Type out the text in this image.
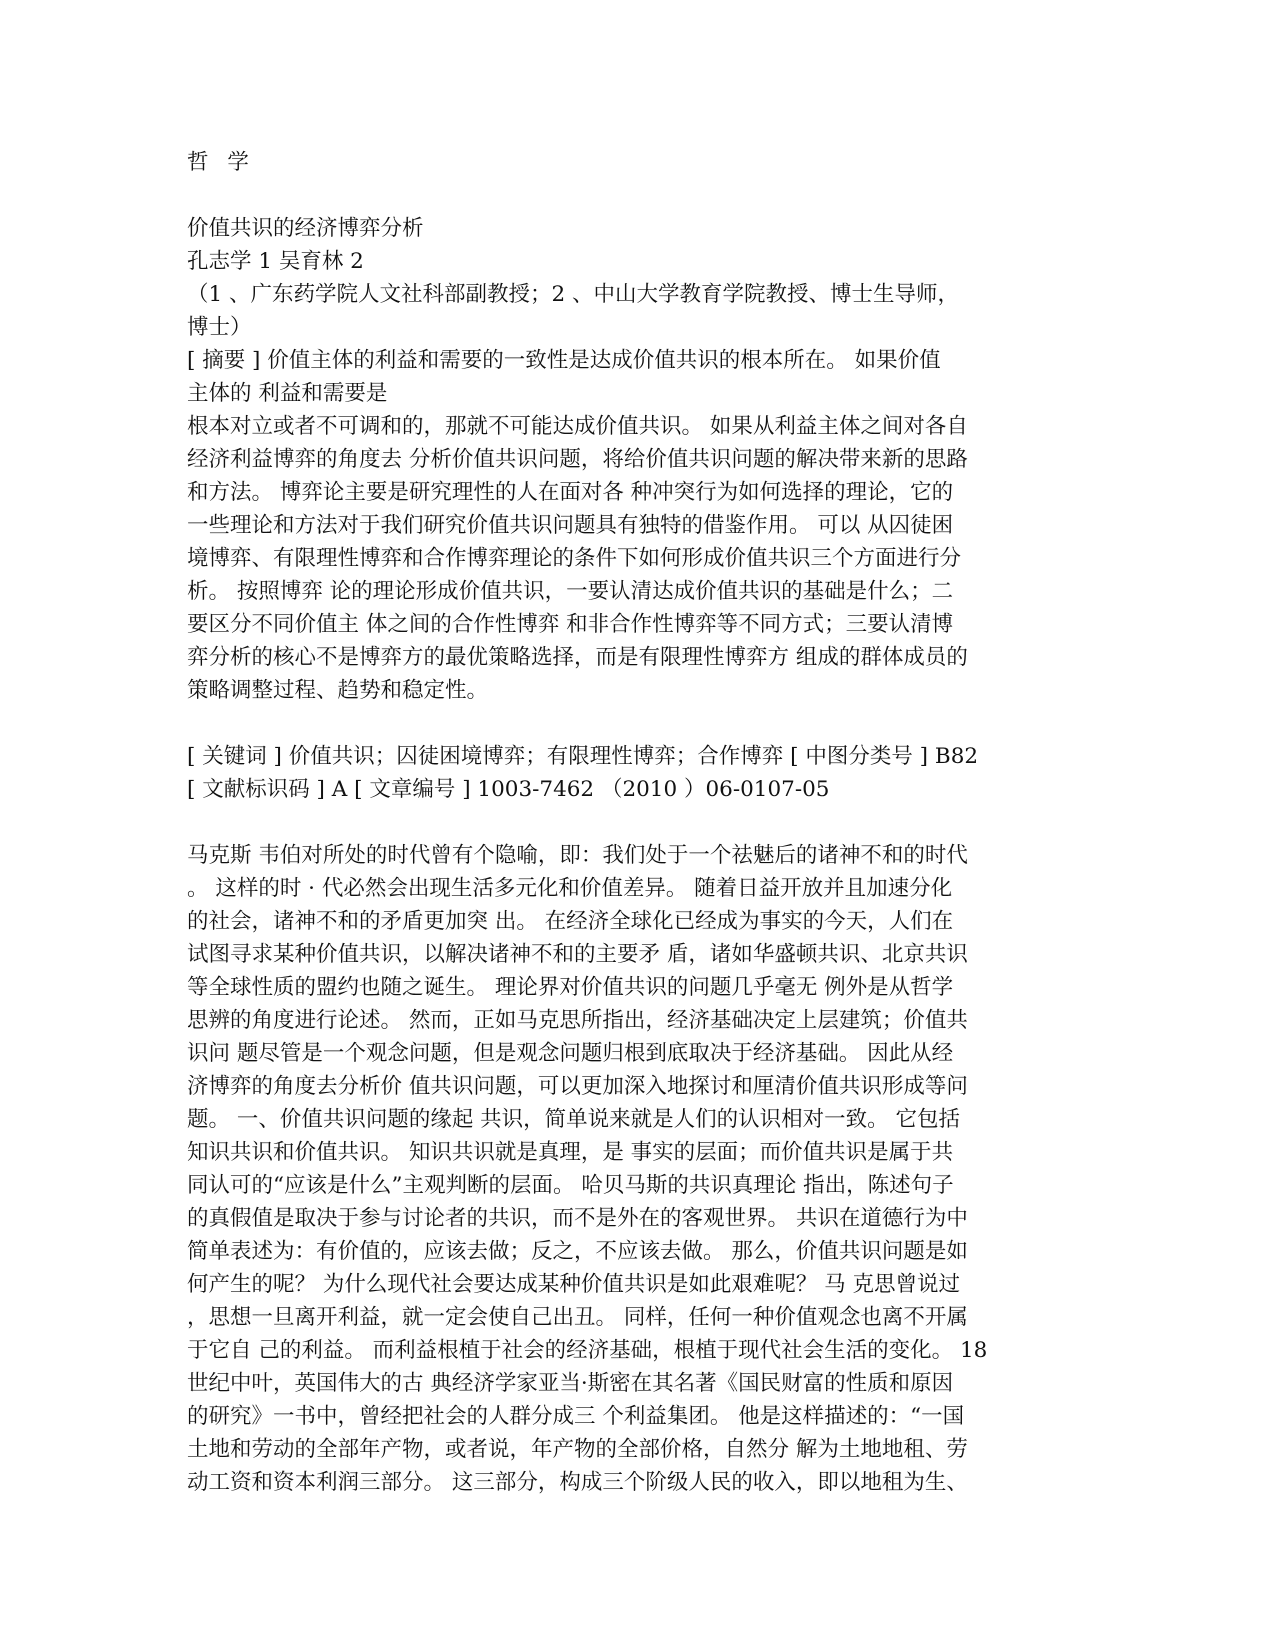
哲 学
价值共识的经济博弈分析
孔志学 1 吴育林 2
（1 、广东药学院人文社科部副教授；2 、中山大学教育学院教授、博士生导师，
博士）
[ 摘要 ] 价值主体的利益和需要的一致性是达成价值共识的根本所在。 如果价值
主体的 利益和需要是
根本对立或者不可调和的，那就不可能达成价值共识。 如果从利益主体之间对各自
经济利益博弈的角度去 分析价值共识问题，将给价值共识问题的解决带来新的思路
和方法。 博弈论主要是研究理性的人在面对各 种冲突行为如何选择的理论，它的
一些理论和方法对于我们研究价值共识问题具有独特的借鉴作用。 可以 从囚徒困
境博弈、有限理性博弈和合作博弈理论的条件下如何形成价值共识三个方面进行分
析。 按照博弈 论的理论形成价值共识，一要认清达成价值共识的基础是什么；二
要区分不同价值主 体之间的合作性博弈 和非合作性博弈等不同方式；三要认清博
弈分析的核心不是博弈方的最优策略选择，而是有限理性博弈方 组成的群体成员的
策略调整过程、趋势和稳定性。
[ 关键词 ] 价值共识；囚徒困境博弈；有限理性博弈；合作博弈 [ 中图分类号 ] B82
[ 文献标识码 ] A [ 文章编号 ] 1003-7462 （2010 ）06-0107-05
马克斯 韦伯对所处的时代曾有个隐喻，即：我们处于一个祛魅后的诸神不和的时代
。 这样的时 · 代必然会出现生活多元化和价值差异。 随着日益开放并且加速分化
的社会，诸神不和的矛盾更加突 出。 在经济全球化已经成为事实的今天，人们在
试图寻求某种价值共识，以解决诸神不和的主要矛 盾，诸如华盛顿共识、北京共识
等全球性质的盟约也随之诞生。 理论界对价值共识的问题几乎毫无 例外是从哲学
思辨的角度进行论述。 然而，正如马克思所指出，经济基础决定上层建筑；价值共
识问 题尽管是一个观念问题，但是观念问题归根到底取决于经济基础。 因此从经
济博弈的角度去分析价 值共识问题，可以更加深入地探讨和厘清价值共识形成等问
题。 一、价值共识问题的缘起 共识，简单说来就是人们的认识相对一致。 它包括
知识共识和价值共识。 知识共识就是真理，是 事实的层面；而价值共识是属于共
同认可的“应该是什么”主观判断的层面。 哈贝马斯的共识真理论 指出，陈述句子
的真假值是取决于参与讨论者的共识，而不是外在的客观世界。 共识在道德行为中
简单表述为：有价值的，应该去做；反之，不应该去做。 那么，价值共识问题是如
何产生的呢？ 为什么现代社会要达成某种价值共识是如此艰难呢？ 马 克思曾说过
，思想一旦离开利益，就一定会使自己出丑。 同样，任何一种价值观念也离不开属
于它自 己的利益。 而利益根植于社会的经济基础，根植于现代社会生活的变化。 18
世纪中叶，英国伟大的古 典经济学家亚当·斯密在其名著《国民财富的性质和原因
的研究》一书中，曾经把社会的人群分成三 个利益集团。 他是这样描述的：“一国
土地和劳动的全部年产物，或者说，年产物的全部价格，自然分 解为土地地租、劳
动工资和资本利润三部分。 这三部分，构成三个阶级人民的收入，即以地租为生、
